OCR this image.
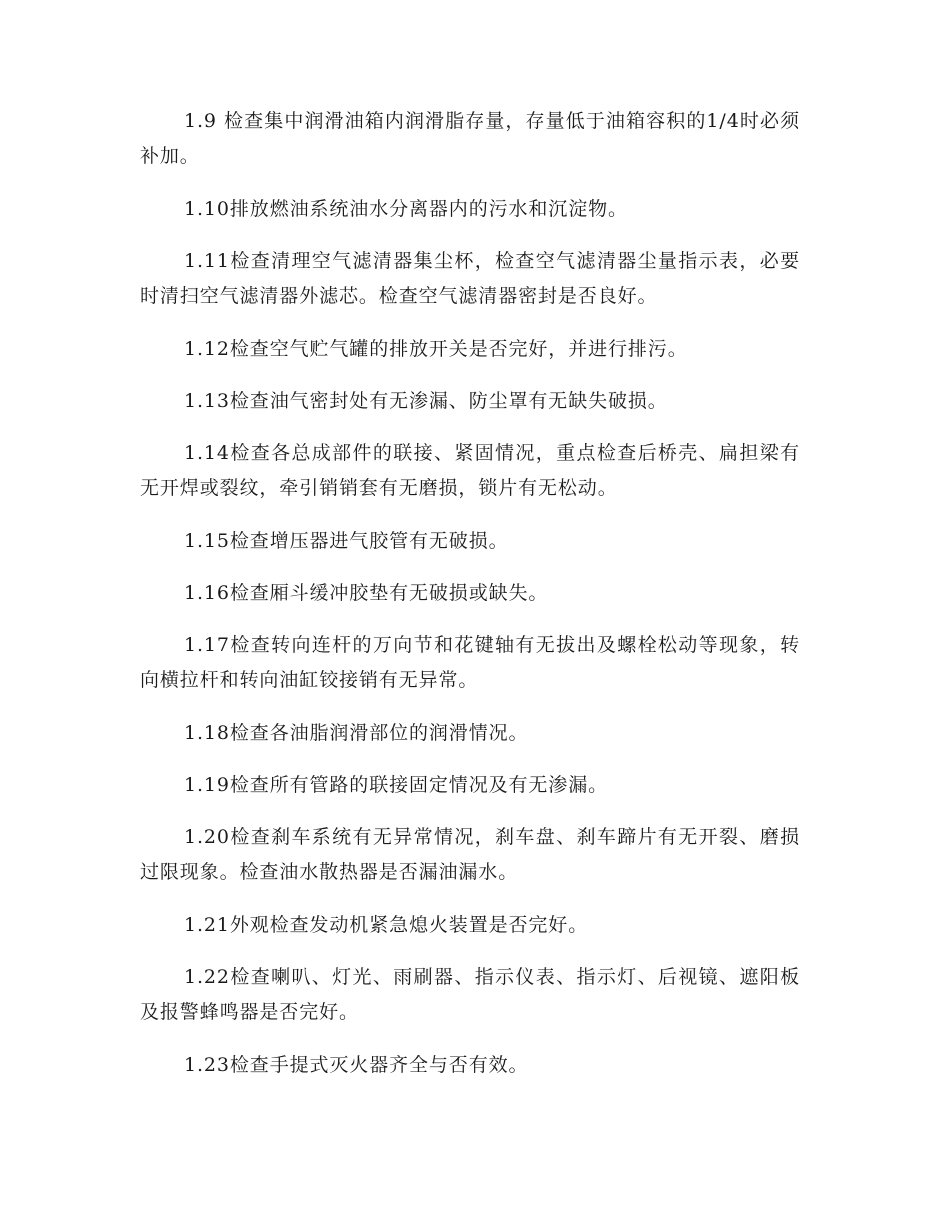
1.9 检查集中润滑油箱内润滑脂存量，存量低于油箱容积的1/4时必须补加。

1.10排放燃油系统油水分离器内的污水和沉淀物。

1.11检查清理空气滤清器集尘杯，检查空气滤清器尘量指示表，必要时清扫空气滤清器外滤芯。检查空气滤清器密封是否良好。

1.12检查空气贮气罐的排放开关是否完好，并进行排污。

1.13检查油气密封处有无渗漏、防尘罩有无缺失破损。

1.14检查各总成部件的联接、紧固情况，重点检查后桥壳、扁担梁有无开焊或裂纹，牵引销销套有无磨损，锁片有无松动。

1.15检查增压器进气胶管有无破损。

1.16检查厢斗缓冲胶垫有无破损或缺失。

1.17检查转向连杆的万向节和花键轴有无拔出及螺栓松动等现象，转向横拉杆和转向油缸铰接销有无异常。

1.18检查各油脂润滑部位的润滑情况。

1.19检查所有管路的联接固定情况及有无渗漏。

1.20检查刹车系统有无异常情况，刹车盘、刹车蹄片有无开裂、磨损过限现象。检查油水散热器是否漏油漏水。

1.21外观检查发动机紧急熄火装置是否完好。

1.22检查喇叭、灯光、雨刷器、指示仪表、指示灯、后视镜、遮阳板及报警蜂鸣器是否完好。

1.23检查手提式灭火器齐全与否有效。
